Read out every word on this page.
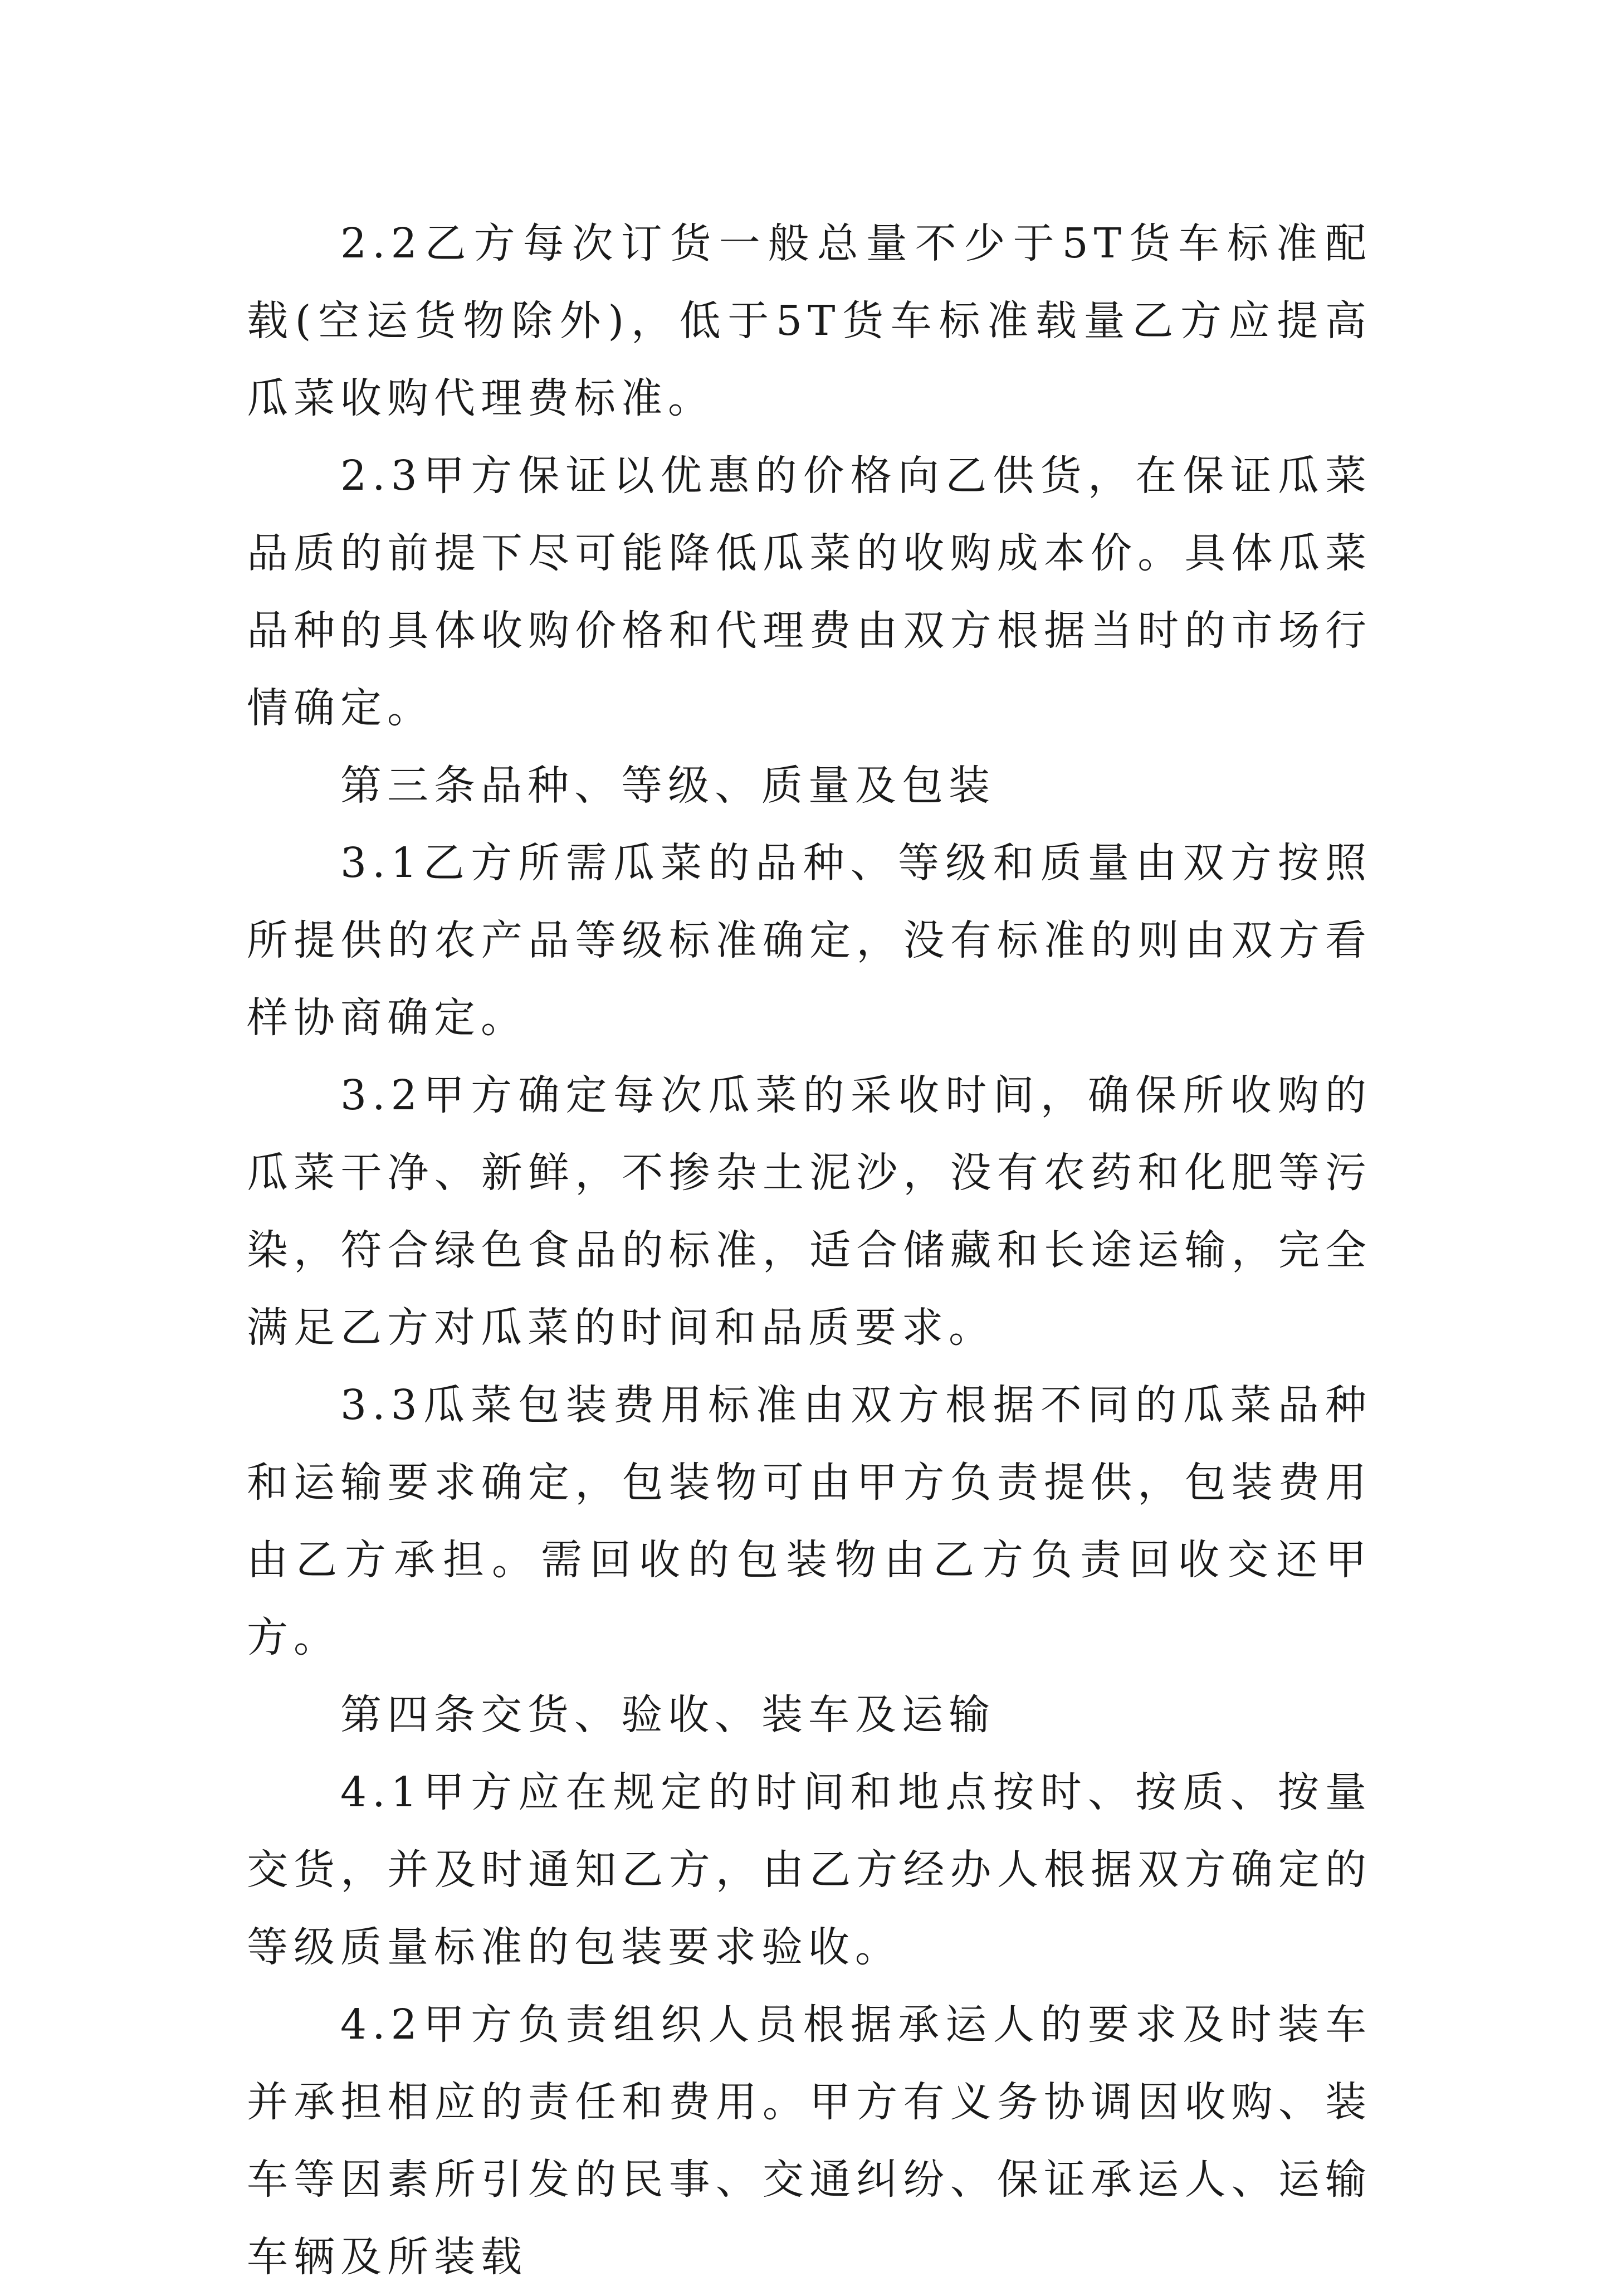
2.2乙方每次订货一般总量不少于5T货车标准配载(空运货物除外)，低于5T货车标准载量乙方应提高瓜菜收购代理费标准。

2.3甲方保证以优惠的价格向乙供货，在保证瓜菜品质的前提下尽可能降低瓜菜的收购成本价。具体瓜菜品种的具体收购价格和代理费由双方根据当时的市场行情确定。

第三条品种、等级、质量及包装

3.1乙方所需瓜菜的品种、等级和质量由双方按照所提供的农产品等级标准确定，没有标准的则由双方看样协商确定。

3.2甲方确定每次瓜菜的采收时间，确保所收购的瓜菜干净、新鲜，不掺杂土泥沙，没有农药和化肥等污染，符合绿色食品的标准，适合储藏和长途运输，完全满足乙方对瓜菜的时间和品质要求。

3.3瓜菜包装费用标准由双方根据不同的瓜菜品种和运输要求确定，包装物可由甲方负责提供，包装费用由乙方承担。需回收的包装物由乙方负责回收交还甲方。

第四条交货、验收、装车及运输

4.1甲方应在规定的时间和地点按时、按质、按量交货，并及时通知乙方，由乙方经办人根据双方确定的等级质量标准的包装要求验收。

4.2甲方负责组织人员根据承运人的要求及时装车并承担相应的责任和费用。甲方有义务协调因收购、装车等因素所引发的民事、交通纠纷、保证承运人、运输车辆及所装载
